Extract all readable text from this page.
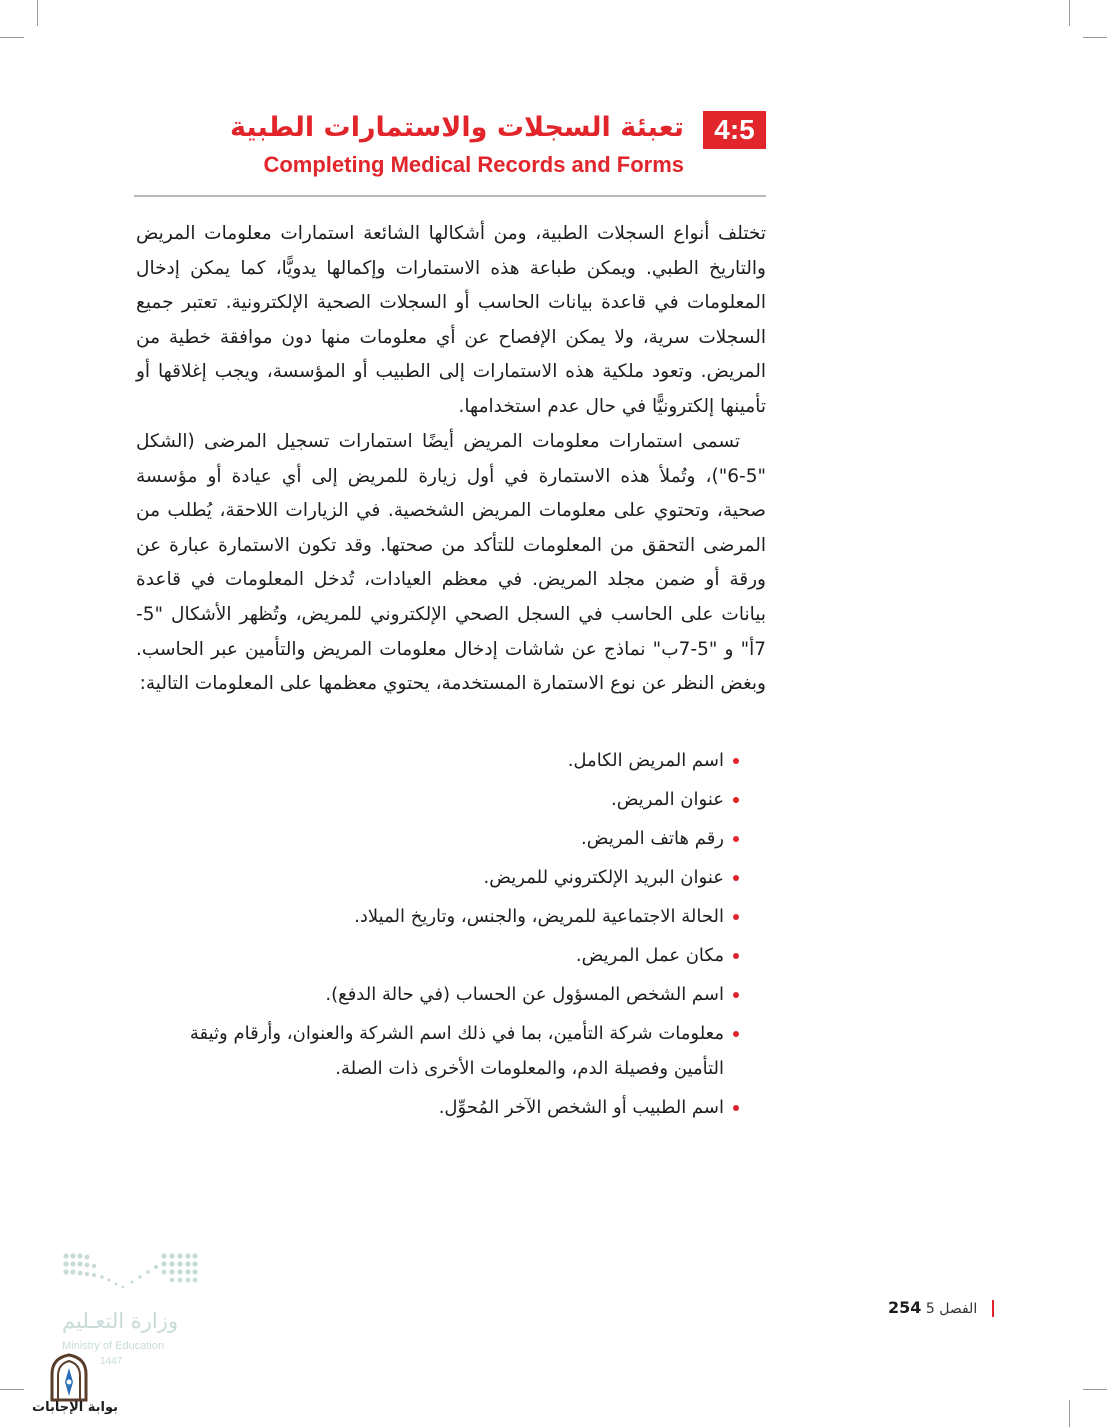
4:5
تعبئة السجلات والاستمارات الطبية
Completing Medical Records and Forms

تختلف أنواع السجلات الطبية، ومن أشكالها الشائعة استمارات معلومات المريض والتاريخ الطبي. ويمكن طباعة هذه الاستمارات وإكمالها يدويًّا، كما يمكن إدخال المعلومات في قاعدة بيانات الحاسب أو السجلات الصحية الإلكترونية. تعتبر جميع السجلات سرية، ولا يمكن الإفصاح عن أي معلومات منها دون موافقة خطية من المريض. وتعود ملكية هذه الاستمارات إلى الطبيب أو المؤسسة، ويجب إغلاقها أو تأمينها إلكترونيًّا في حال عدم استخدامها.

تسمى استمارات معلومات المريض أيضًا استمارات تسجيل المرضى (الشكل "5-6")، وتُملأ هذه الاستمارة في أول زيارة للمريض إلى أي عيادة أو مؤسسة صحية، وتحتوي على معلومات المريض الشخصية. في الزيارات اللاحقة، يُطلب من المرضى التحقق من المعلومات للتأكد من صحتها. وقد تكون الاستمارة عبارة عن ورقة أو ضمن مجلد المريض. في معظم العيادات، تُدخل المعلومات في قاعدة بيانات على الحاسب في السجل الصحي الإلكتروني للمريض، وتُظهر الأشكال "5-7أ" و "5-7ب" نماذج عن شاشات إدخال معلومات المريض والتأمين عبر الحاسب. وبغض النظر عن نوع الاستمارة المستخدمة، يحتوي معظمها على المعلومات التالية:

اسم المريض الكامل.
عنوان المريض.
رقم هاتف المريض.
عنوان البريد الإلكتروني للمريض.
الحالة الاجتماعية للمريض، والجنس، وتاريخ الميلاد.
مكان عمل المريض.
اسم الشخص المسؤول عن الحساب (في حالة الدفع).
معلومات شركة التأمين، بما في ذلك اسم الشركة والعنوان، وأرقام وثيقة التأمين وفصيلة الدم، والمعلومات الأخرى ذات الصلة.
اسم الطبيب أو الشخص الآخر المُحوِّل.
الفصل 5 254
وزارة التعـليم
Ministry of Education
1447
بوابة الإجابات
